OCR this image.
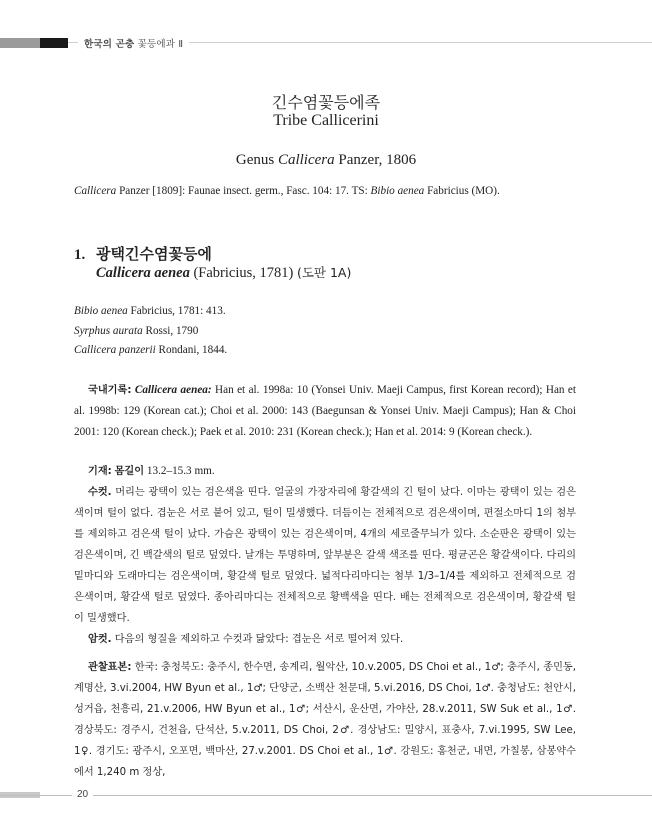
한국의 곤충 꽃등에과 Ⅱ
긴수염꽃등에족
Tribe Callicerini
Genus Callicera Panzer, 1806
Callicera Panzer [1809]: Faunae insect. germ., Fasc. 104: 17. TS: Bibio aenea Fabricius (MO).
1. 광택긴수염꽃등에
Callicera aenea (Fabricius, 1781) (도판 1A)
Bibio aenea Fabricius, 1781: 413.
Syrphus aurata Rossi, 1790
Callicera panzerii Rondani, 1844.
국내기록: Callicera aenea: Han et al. 1998a: 10 (Yonsei Univ. Maeji Campus, first Korean record); Han et al. 1998b: 129 (Korean cat.); Choi et al. 2000: 143 (Baegunsan & Yonsei Univ. Maeji Campus); Han & Choi 2001: 120 (Korean check.); Paek et al. 2010: 231 (Korean check.); Han et al. 2014: 9 (Korean check.).
기재: 몸길이 13.2–15.3 mm.
수컷. 머리는 광택이 있는 검은색을 띤다. 얼굴의 가장자리에 황갈색의 긴 털이 났다. 이마는 광택이 있는 검은색이며 털이 없다. 겹눈은 서로 붙어 있고, 털이 밀생했다. 더듬이는 전체적으로 검은색이며, 편절소마디 1의 첨부를 제외하고 검은색 털이 났다. 가슴은 광택이 있는 검은색이며, 4개의 세로줄무늬가 있다. 소순판은 광택이 있는 검은색이며, 긴 백갈색의 털로 덮였다. 날개는 투명하며, 앞부분은 갈색 색조를 띤다. 평균곤은 황갈색이다. 다리의 밑마디와 도래마디는 검은색이며, 황갈색 털로 덮였다. 넓적다리마디는 첨부 1/3–1/4를 제외하고 전체적으로 검은색이며, 황갈색 털로 덮였다. 종아리마디는 전체적으로 황백색을 띤다. 배는 전체적으로 검은색이며, 황갈색 털이 밀생했다.
암컷. 다음의 형질을 제외하고 수컷과 닮았다: 겹눈은 서로 떨어져 있다.
관찰표본: 한국: 충청북도: 충주시, 한수면, 송계리, 월악산, 10.v.2005, DS Choi et al., 1♂; 충주시, 종민동, 계명산, 3.vi.2004, HW Byun et al., 1♂; 단양군, 소백산 천문대, 5.vi.2016, DS Choi, 1♂. 충청남도: 천안시, 성거읍, 천흥리, 21.v.2006, HW Byun et al., 1♂; 서산시, 운산면, 가야산, 28.v.2011, SW Suk et al., 1♂. 경상북도: 경주시, 건천읍, 단석산, 5.v.2011, DS Choi, 2♂. 경상남도: 밀양시, 표충사, 7.vi.1995, SW Lee, 1♀. 경기도: 광주시, 오포면, 백마산, 27.v.2001. DS Choi et al., 1♂. 강원도: 홍천군, 내면, 가칠봉, 삼봉약수에서 1,240 m 정상,
20
